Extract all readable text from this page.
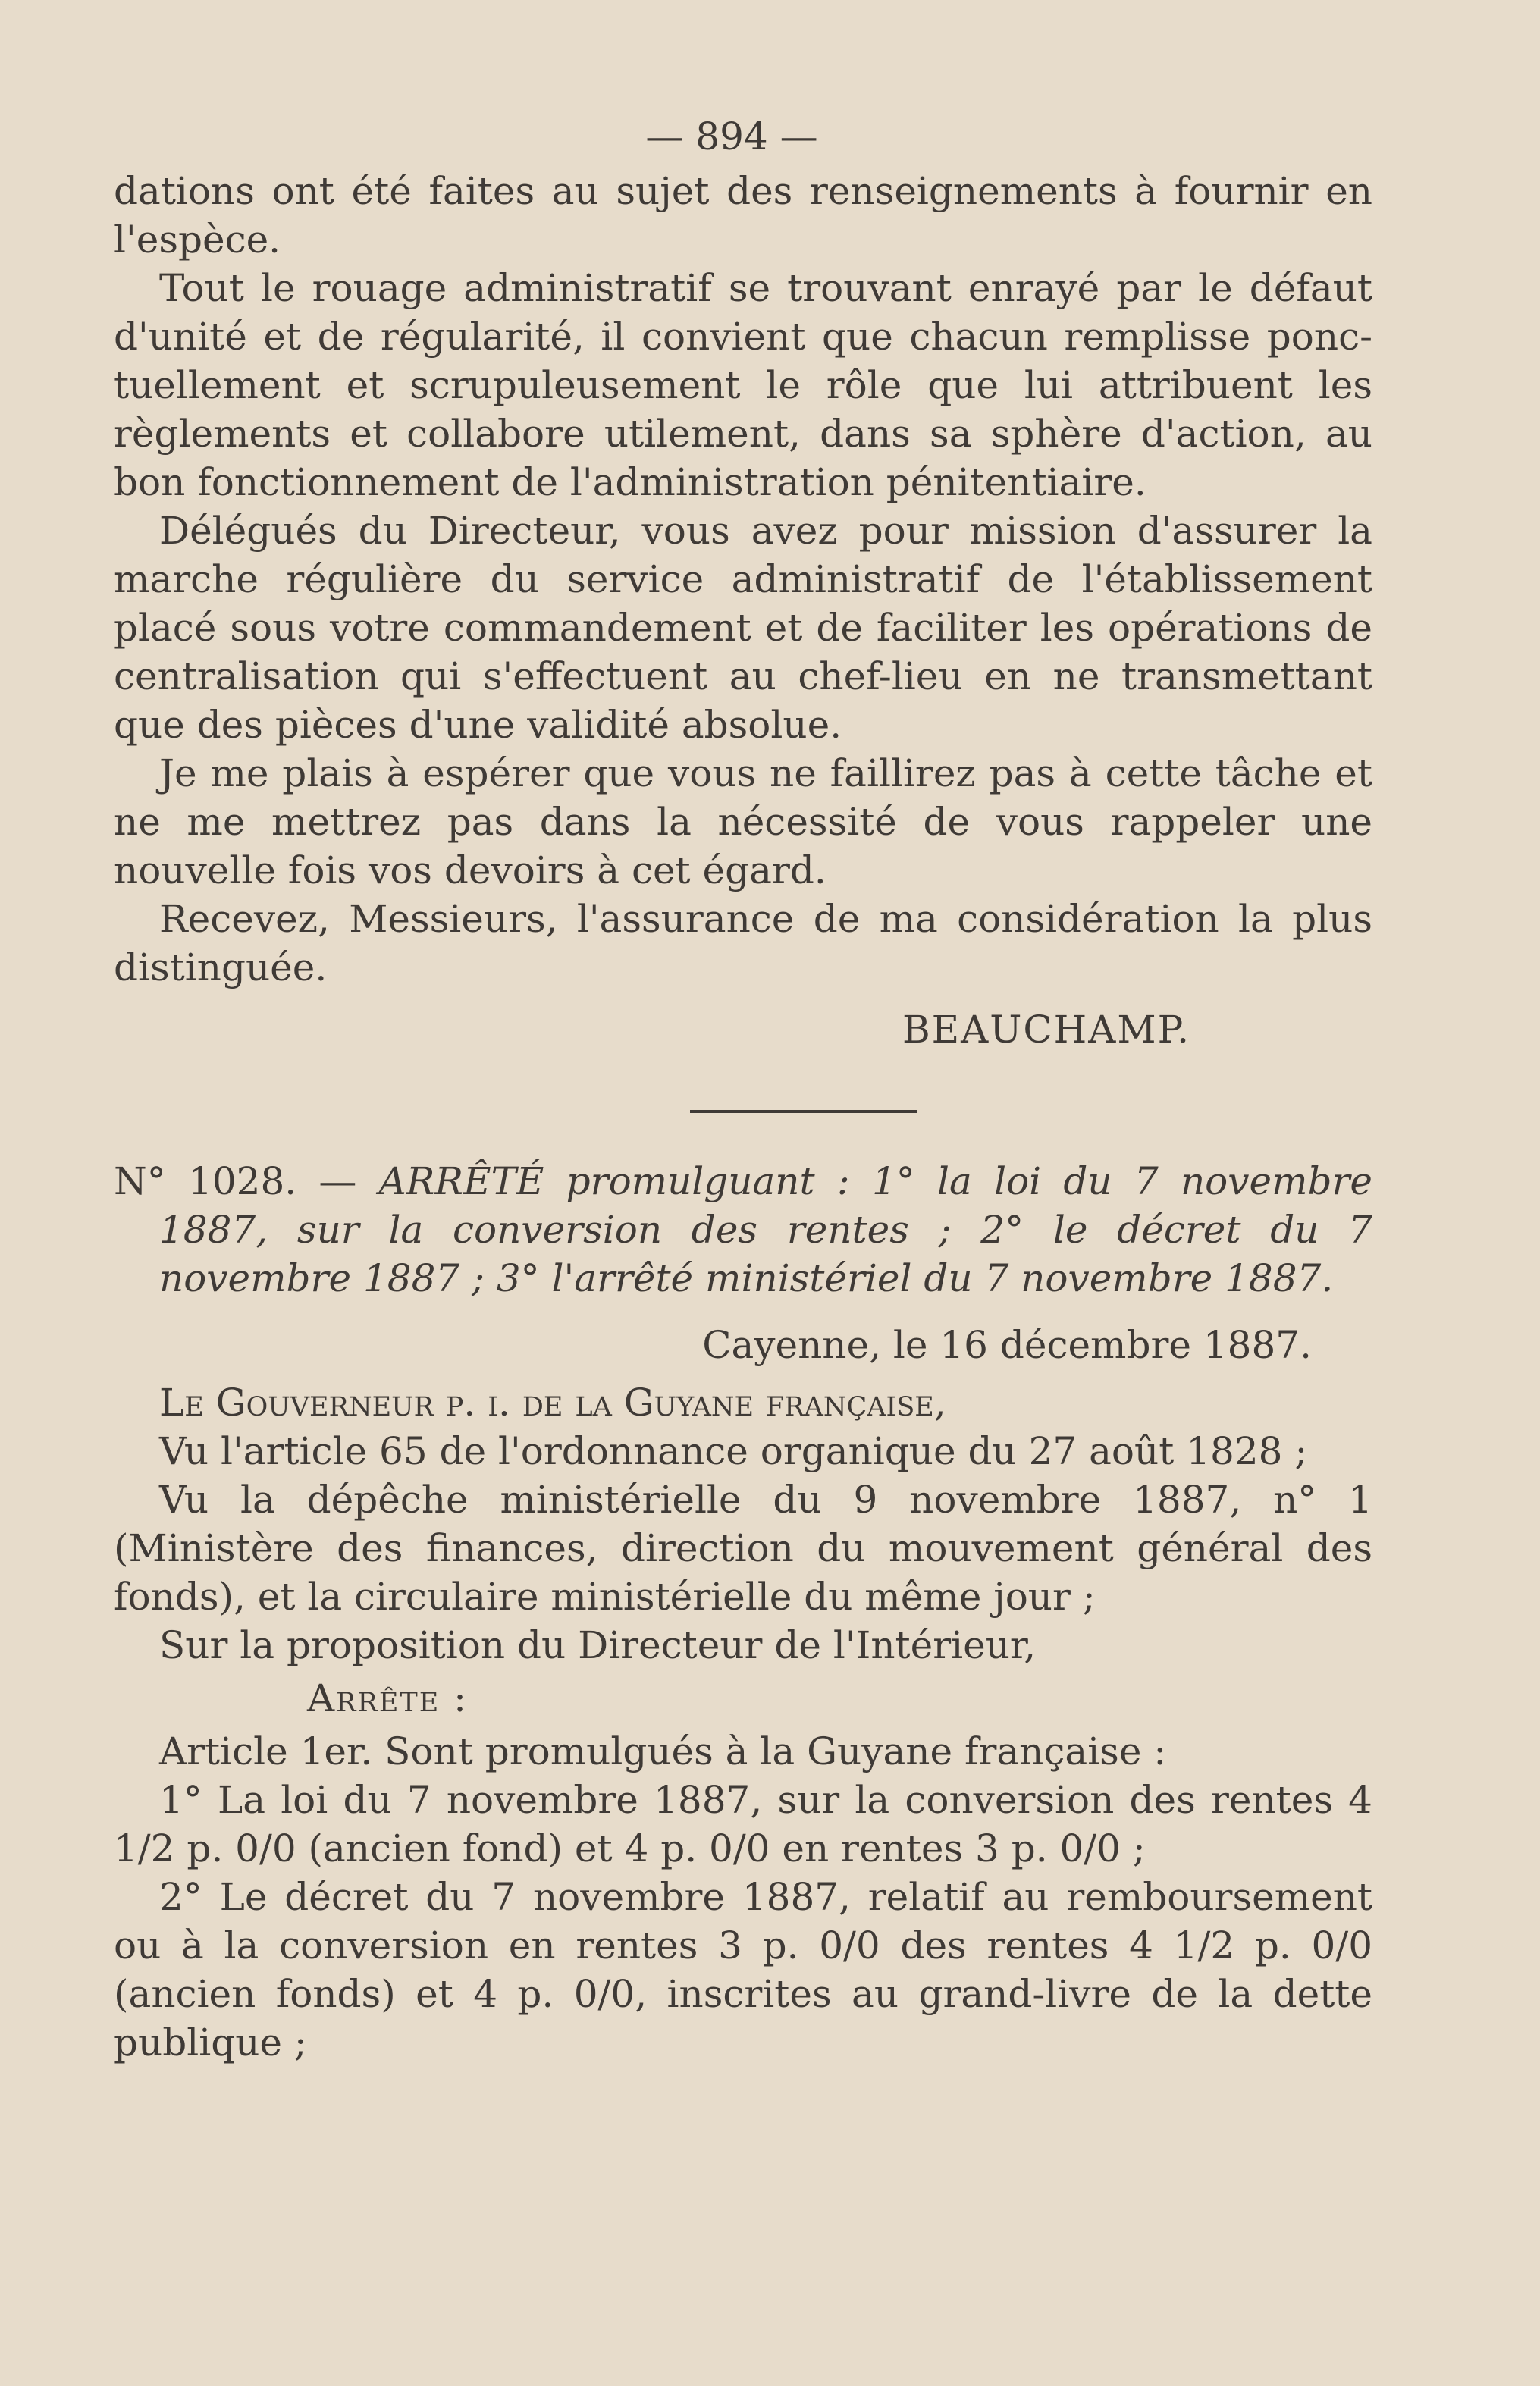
— 894 —

dations ont été faites au sujet des renseignements à fournir en l'espèce.

Tout le rouage administratif se trouvant enrayé par le défaut d'unité et de régularité, il convient que chacun remplisse ponc-tuellement et scrupuleusement le rôle que lui attribuent les règlements et collabore utilement, dans sa sphère d'action, au bon fonctionnement de l'administration pénitentiaire.

Délégués du Directeur, vous avez pour mission d'assurer la marche régulière du service administratif de l'établissement placé sous votre commandement et de faciliter les opérations de centralisation qui s'effectuent au chef-lieu en ne transmettant que des pièces d'une validité absolue.

Je me plais à espérer que vous ne faillirez pas à cette tâche et ne me mettrez pas dans la nécessité de vous rappeler une nouvelle fois vos devoirs à cet égard.

Recevez, Messieurs, l'assurance de ma considération la plus distinguée.

BEAUCHAMP.

N° 1028. — ARRÊTÉ promulguant : 1° la loi du 7 novembre 1887, sur la conversion des rentes ; 2° le décret du 7 novembre 1887 ; 3° l'arrêté ministériel du 7 novembre 1887.

Cayenne, le 16 décembre 1887.

Le Gouverneur p. i. de la Guyane française,

Vu l'article 65 de l'ordonnance organique du 27 août 1828 ;

Vu la dépêche ministérielle du 9 novembre 1887, n° 1 (Ministère des finances, direction du mouvement général des fonds), et la circulaire ministérielle du même jour ;

Sur la proposition du Directeur de l'Intérieur,

Arrête :

Article 1er. Sont promulgués à la Guyane française :

1° La loi du 7 novembre 1887, sur la conversion des rentes 4 1/2 p. 0/0 (ancien fond) et 4 p. 0/0 en rentes 3 p. 0/0 ;

2° Le décret du 7 novembre 1887, relatif au remboursement ou à la conversion en rentes 3 p. 0/0 des rentes 4 1/2 p. 0/0 (ancien fonds) et 4 p. 0/0, inscrites au grand-livre de la dette publique ;
